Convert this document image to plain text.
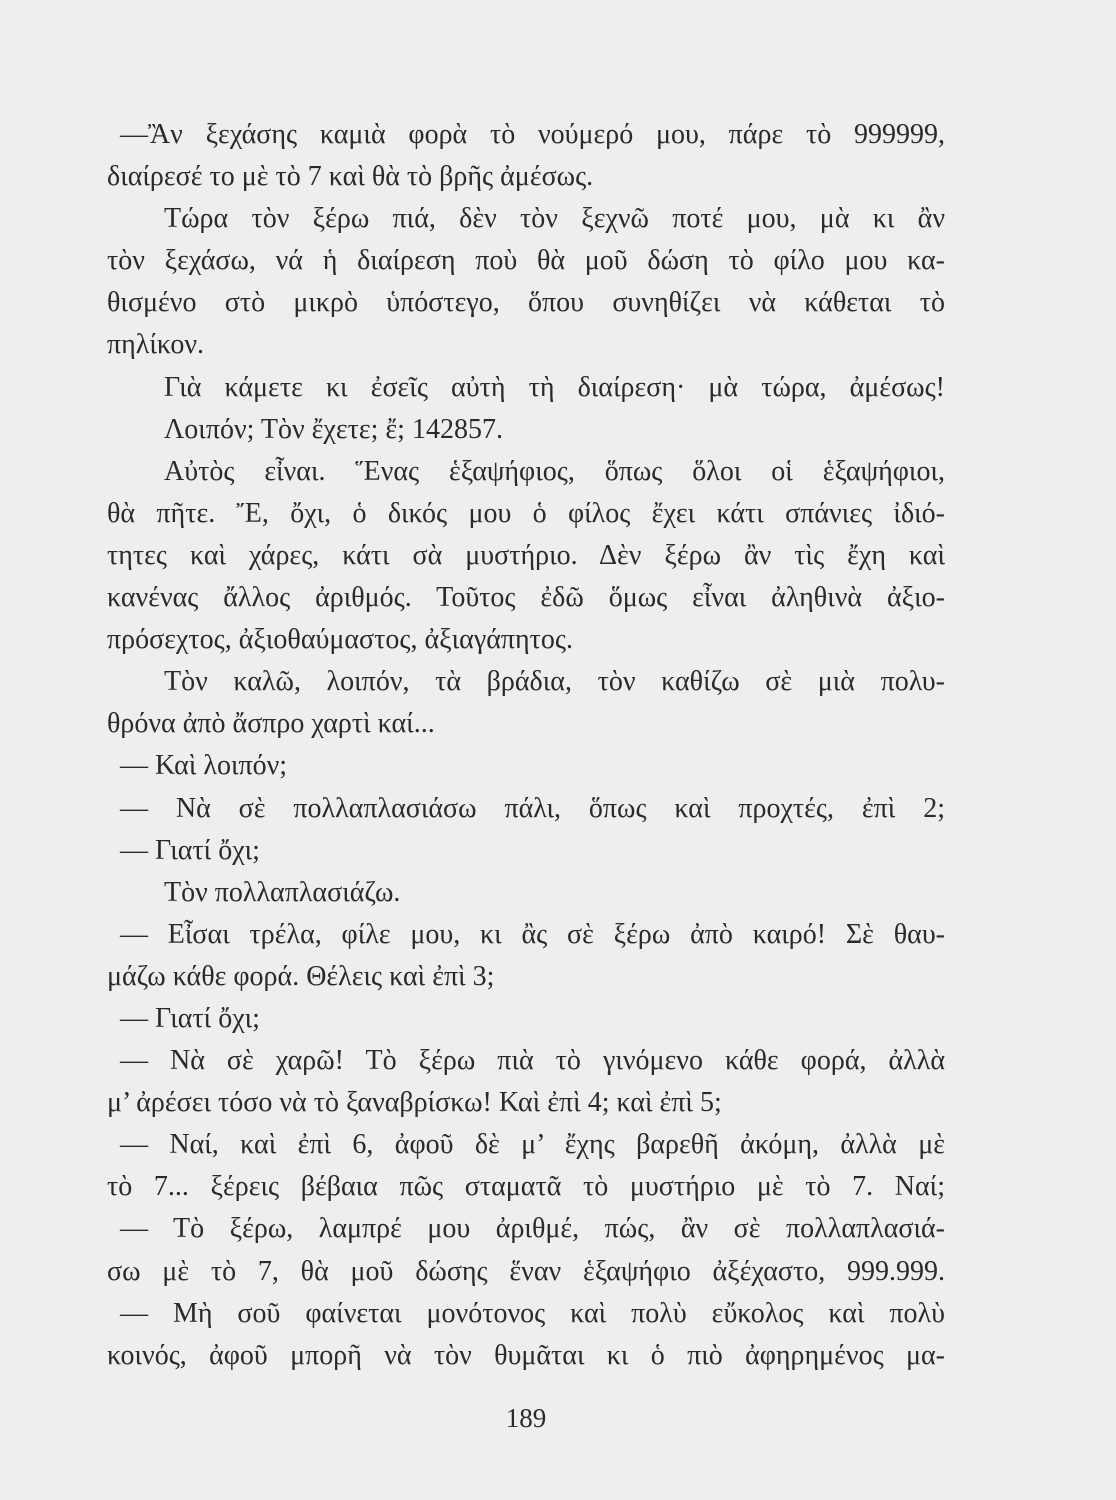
—Ἂν ξεχάσης καμιὰ φορὰ τὸ νούμερό μου, πάρε τὸ 999999,
διαίρεσέ το μὲ τὸ 7 καὶ θὰ τὸ βρῆς ἀμέσως.
Τώρα τὸν ξέρω πιά, δὲν τὸν ξεχνῶ ποτέ μου, μὰ κι ἂν
τὸν ξεχάσω, νά ἡ διαίρεση ποὺ θὰ μοῦ δώση τὸ φίλο μου κα-
θισμένο στὸ μικρὸ ὑπόστεγο, ὅπου συνηθίζει νὰ κάθεται τὸ
πηλίκον.
Γιὰ κάμετε κι ἐσεῖς αὐτὴ τὴ διαίρεση· μὰ τώρα, ἀμέσως!
Λοιπόν; Τὸν ἔχετε; ἔ; 142857.
Αὐτὸς εἶναι. Ἕνας ἑξαψήφιος, ὅπως ὅλοι οἱ ἑξαψήφιοι,
θὰ πῆτε. Ἔ, ὄχι, ὁ δικός μου ὁ φίλος ἔχει κάτι σπάνιες ἰδιό-
τητες καὶ χάρες, κάτι σὰ μυστήριο. Δὲν ξέρω ἂν τὶς ἔχη καὶ
κανένας ἄλλος ἀριθμός. Τοῦτος ἐδῶ ὅμως εἶναι ἀληθινὰ ἀξιο-
πρόσεχτος, ἀξιοθαύμαστος, ἀξιαγάπητος.
Τὸν καλῶ, λοιπόν, τὰ βράδια, τὸν καθίζω σὲ μιὰ πολυ-
θρόνα ἀπὸ ἄσπρο χαρτὶ καί...
— Καὶ λοιπόν;
— Νὰ σὲ πολλαπλασιάσω πάλι, ὅπως καὶ προχτές, ἐπὶ 2;
— Γιατί ὄχι;
Τὸν πολλαπλασιάζω.
— Εἶσαι τρέλα, φίλε μου, κι ἂς σὲ ξέρω ἀπὸ καιρό! Σὲ θαυ-
μάζω κάθε φορά. Θέλεις καὶ ἐπὶ 3;
— Γιατί ὄχι;
— Νὰ σὲ χαρῶ! Τὸ ξέρω πιὰ τὸ γινόμενο κάθε φορά, ἀλλὰ
μ’ ἀρέσει τόσο νὰ τὸ ξαναβρίσκω! Καὶ ἐπὶ 4; καὶ ἐπὶ 5;
— Ναί, καὶ ἐπὶ 6, ἀφοῦ δὲ μ’ ἔχης βαρεθῆ ἀκόμη, ἀλλὰ μὲ
τὸ 7... ξέρεις βέβαια πῶς σταματᾶ τὸ μυστήριο μὲ τὸ 7. Ναί;
— Τὸ ξέρω, λαμπρέ μου ἀριθμέ, πώς, ἂν σὲ πολλαπλασιά-
σω μὲ τὸ 7, θὰ μοῦ δώσης ἕναν ἑξαψήφιο ἀξέχαστο, 999.999.
— Μὴ σοῦ φαίνεται μονότονος καὶ πολὺ εὔκολος καὶ πολὺ
κοινός, ἀφοῦ μπορῆ νὰ τὸν θυμᾶται κι ὁ πιὸ ἀφηρημένος μα-
189
